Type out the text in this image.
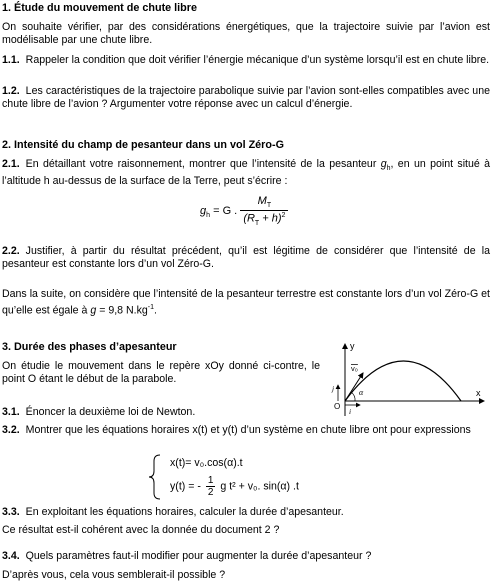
1. Étude du mouvement de chute libre
On souhaite vérifier, par des considérations énergétiques, que la trajectoire suivie par l’avion est modélisable par une chute libre.
1.1. Rappeler la condition que doit vérifier l’énergie mécanique d’un système lorsqu’il est en chute libre.
1.2. Les caractéristiques de la trajectoire parabolique suivie par l’avion sont-elles compatibles avec une chute libre de l’avion ? Argumenter votre réponse avec un calcul d’énergie.
2. Intensité du champ de pesanteur dans un vol Zéro-G
2.1. En détaillant votre raisonnement, montrer que l’intensité de la pesanteur $g_h$, en un point situé à l’altitude h au-dessus de la surface de la Terre, peut s’écrire :
$g_h = G$ . $\frac{M_T}{(R_T + h)^2}$
2.2. Justifier, à partir du résultat précédent, qu’il est légitime de considérer que l’intensité de la pesanteur est constante lors d’un vol Zéro-G.
Dans la suite, on considère que l’intensité de la pesanteur terrestre est constante lors d’un vol Zéro-G et qu’elle est égale à g = 9,8 $N.kg^{-1}$.
3. Durée des phases d’apesanteur
On étudie le mouvement dans le repère xOy donné ci-contre, le point O étant le début de la parabole.
y
x
O
v₀
j
i
α
3.1. Énoncer la deuxième loi de Newton.
3.2. Montrer que les équations horaires x(t) et y(t) d’un système en chute libre ont pour expressions
x(t)= v₀.cos(α).t
y(t) = - $\frac{1}{2}$ g t² + v₀. sin(α) .t
3.3. En exploitant les équations horaires, calculer la durée d’apesanteur.
Ce résultat est-il cohérent avec la donnée du document 2 ?
3.4. Quels paramètres faut-il modifier pour augmenter la durée d’apesanteur ?
D’après vous, cela vous semblerait-il possible ?
